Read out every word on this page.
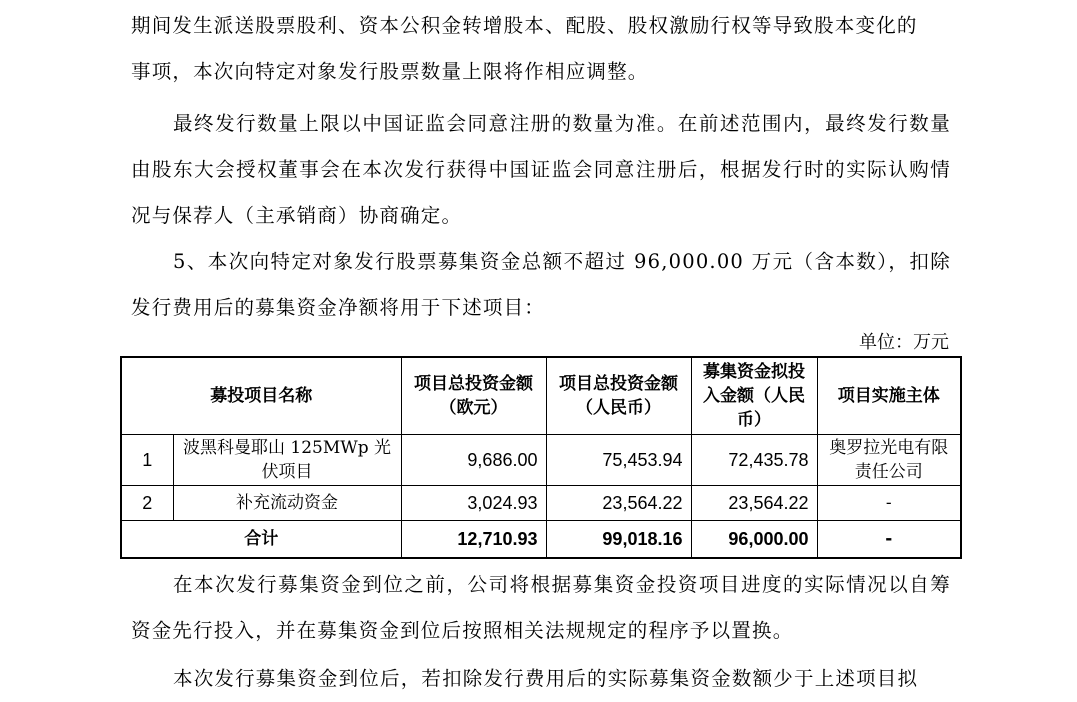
期间发生派送股票股利、资本公积金转增股本、配股、股权激励行权等导致股本变化的

事项，本次向特定对象发行股票数量上限将作相应调整。

最终发行数量上限以中国证监会同意注册的数量为准。在前述范围内，最终发行数量由股东大会授权董事会在本次发行获得中国证监会同意注册后，根据发行时的实际认购情况与保荐人（主承销商）协商确定。

5、本次向特定对象发行股票募集资金总额不超过 96,000.00 万元（含本数），扣除发行费用后的募集资金净额将用于下述项目：

单位：万元
募投项目名称		项目总投资金额（欧元）	项目总投资金额（人民币）	募集资金拟投入金额（人民币）	项目实施主体
1	波黑科曼耶山 125MWp 光伏项目	9,686.00	75,453.94	72,435.78	奥罗拉光电有限责任公司
2	补充流动资金	3,024.93	23,564.22	23,564.22	-
合计		12,710.93	99,018.16	96,000.00	-

在本次发行募集资金到位之前，公司将根据募集资金投资项目进度的实际情况以自筹资金先行投入，并在募集资金到位后按照相关法规规定的程序予以置换。

本次发行募集资金到位后，若扣除发行费用后的实际募集资金数额少于上述项目拟
